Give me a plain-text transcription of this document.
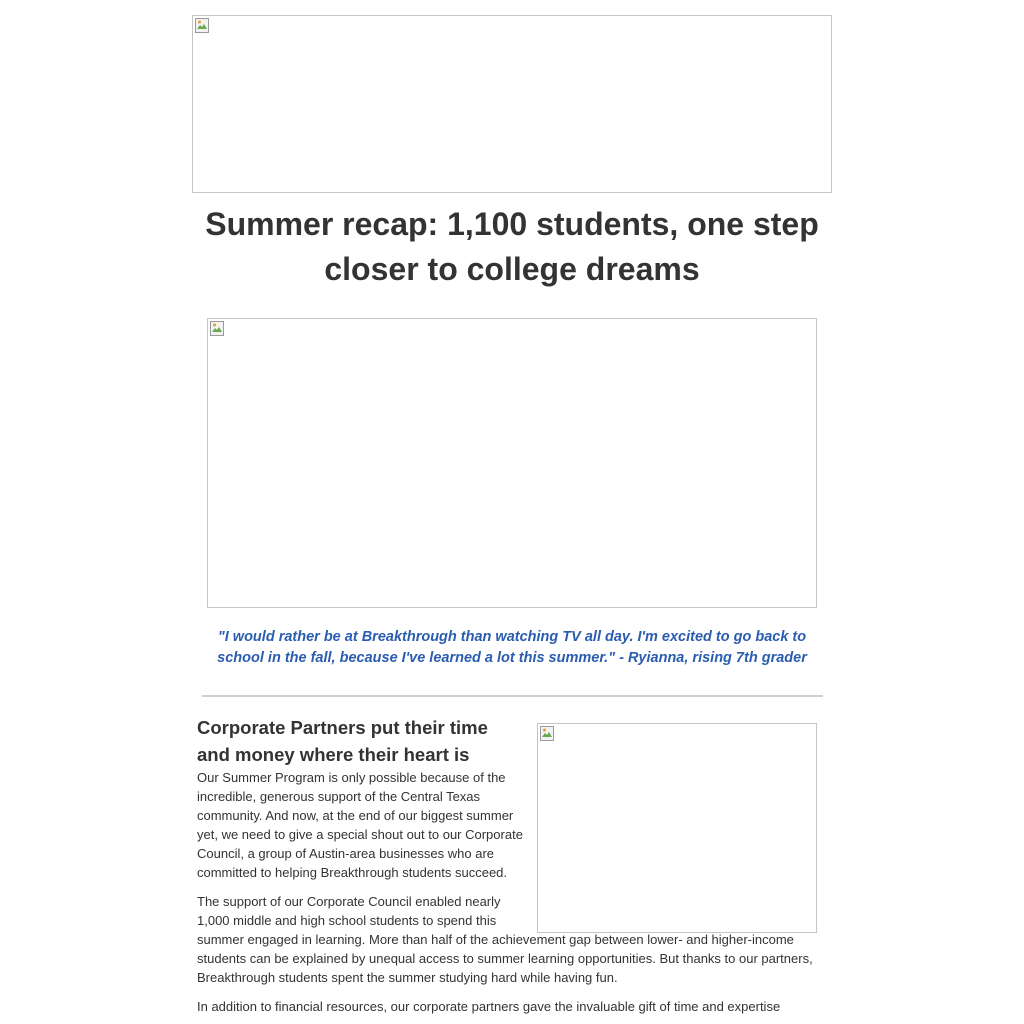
Summer recap: 1,100 students, one step closer to college dreams

"I would rather be at Breakthrough than watching TV all day. I'm excited to go back to school in the fall, because I've learned a lot this summer." - Ryianna, rising 7th grader

Corporate Partners put their time and money where their heart is

Our Summer Program is only possible because of the incredible, generous support of the Central Texas community. And now, at the end of our biggest summer yet, we need to give a special shout out to our Corporate Council, a group of Austin-area businesses who are committed to helping Breakthrough students succeed.

The support of our Corporate Council enabled nearly 1,000 middle and high school students to spend this summer engaged in learning. More than half of the achievement gap between lower- and higher-income students can be explained by unequal access to summer learning opportunities. But thanks to our partners, Breakthrough students spent the summer studying hard while having fun.

In addition to financial resources, our corporate partners gave the invaluable gift of time and expertise
